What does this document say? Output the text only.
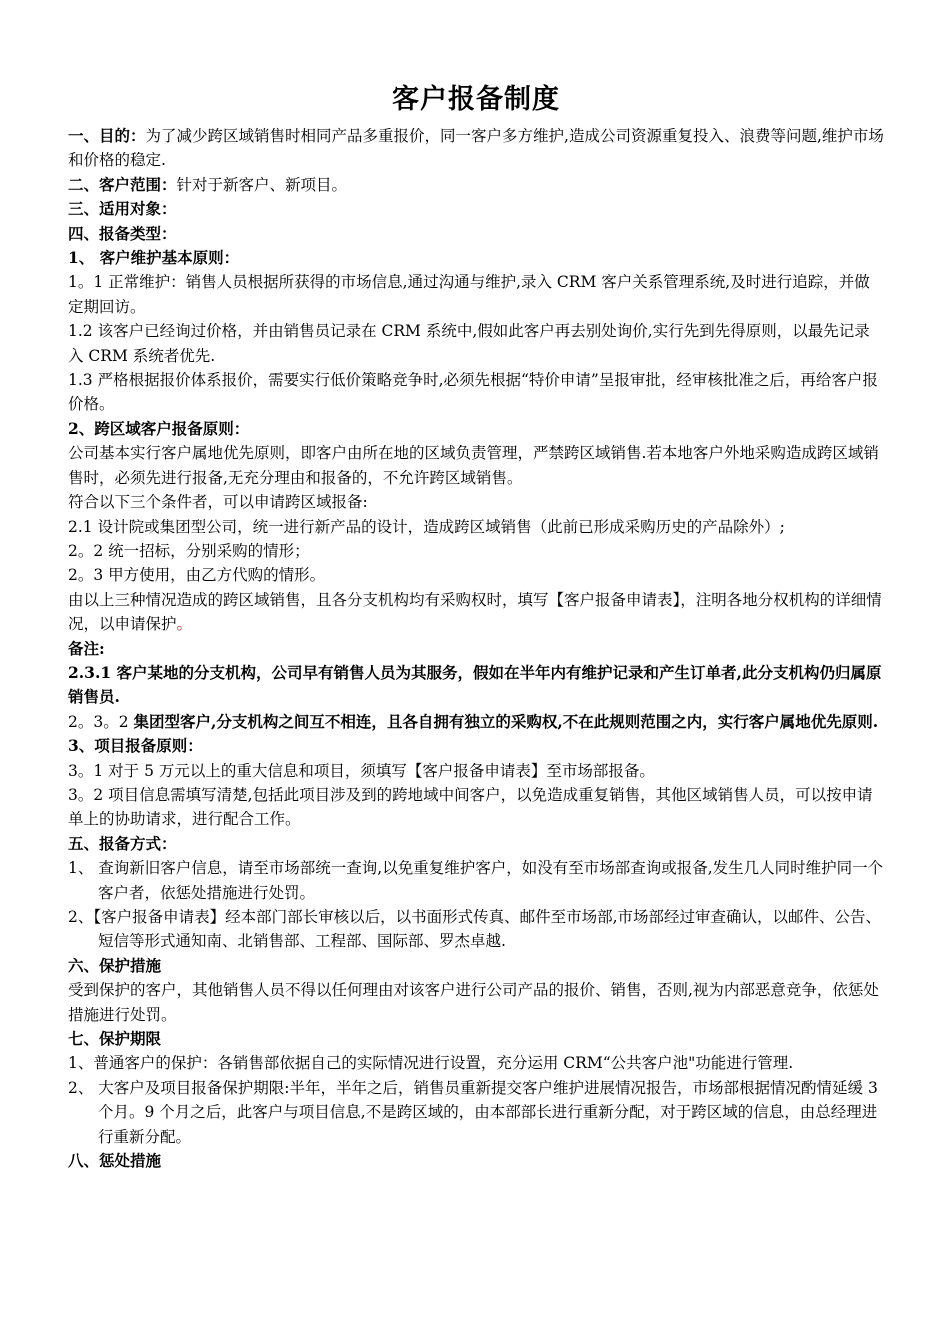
客户报备制度

一、目的：为了减少跨区域销售时相同产品多重报价，同一客户多方维护,造成公司资源重复投入、浪费等问题,维护市场和价格的稳定.

二、客户范围：针对于新客户、新项目。

三、适用对象：

四、报备类型：

1、 客户维护基本原则：

1。1 正常维护：销售人员根据所获得的市场信息,通过沟通与维护,录入 CRM 客户关系管理系统,及时进行追踪，并做定期回访。

1.2 该客户已经询过价格，并由销售员记录在 CRM 系统中,假如此客户再去别处询价,实行先到先得原则，以最先记录入 CRM 系统者优先.

1.3 严格根据报价体系报价，需要实行低价策略竞争时,必须先根据“特价申请”呈报审批，经审核批准之后，再给客户报价格。

2、跨区域客户报备原则：

公司基本实行客户属地优先原则，即客户由所在地的区域负责管理，严禁跨区域销售.若本地客户外地采购造成跨区域销售时，必须先进行报备,无充分理由和报备的，不允许跨区域销售。

符合以下三个条件者，可以申请跨区域报备:

2.1 设计院或集团型公司，统一进行新产品的设计，造成跨区域销售（此前已形成采购历史的产品除外）;

2。2 统一招标，分别采购的情形；

2。3 甲方使用，由乙方代购的情形。

由以上三种情况造成的跨区域销售，且各分支机构均有采购权时，填写【客户报备申请表】，注明各地分权机构的详细情况，以申请保护。

备注:

2.3.1 客户某地的分支机构，公司早有销售人员为其服务，假如在半年内有维护记录和产生订单者,此分支机构仍归属原销售员.

2。3。2 集团型客户,分支机构之间互不相连，且各自拥有独立的采购权,不在此规则范围之内，实行客户属地优先原则.

3、项目报备原则：

3。1 对于 5 万元以上的重大信息和项目，须填写【客户报备申请表】至市场部报备。

3。2 项目信息需填写清楚,包括此项目涉及到的跨地域中间客户，以免造成重复销售，其他区域销售人员，可以按申请单上的协助请求，进行配合工作。

五、报备方式：

1、 查询新旧客户信息，请至市场部统一查询,以免重复维护客户，如没有至市场部查询或报备,发生几人同时维护同一个客户者，依惩处措施进行处罚。

2、【客户报备申请表】经本部门部长审核以后，以书面形式传真、邮件至市场部,市场部经过审查确认，以邮件、公告、短信等形式通知南、北销售部、工程部、国际部、罗杰卓越.

六、保护措施

受到保护的客户，其他销售人员不得以任何理由对该客户进行公司产品的报价、销售，否则,视为内部恶意竞争，依惩处措施进行处罚。

七、保护期限

1、普通客户的保护：各销售部依据自己的实际情况进行设置，充分运用 CRM“公共客户池"功能进行管理.

2、 大客户及项目报备保护期限:半年，半年之后，销售员重新提交客户维护进展情况报告，市场部根据情况酌情延缓 3 个月。9 个月之后，此客户与项目信息,不是跨区域的，由本部部长进行重新分配，对于跨区域的信息，由总经理进行重新分配。

八、惩处措施
